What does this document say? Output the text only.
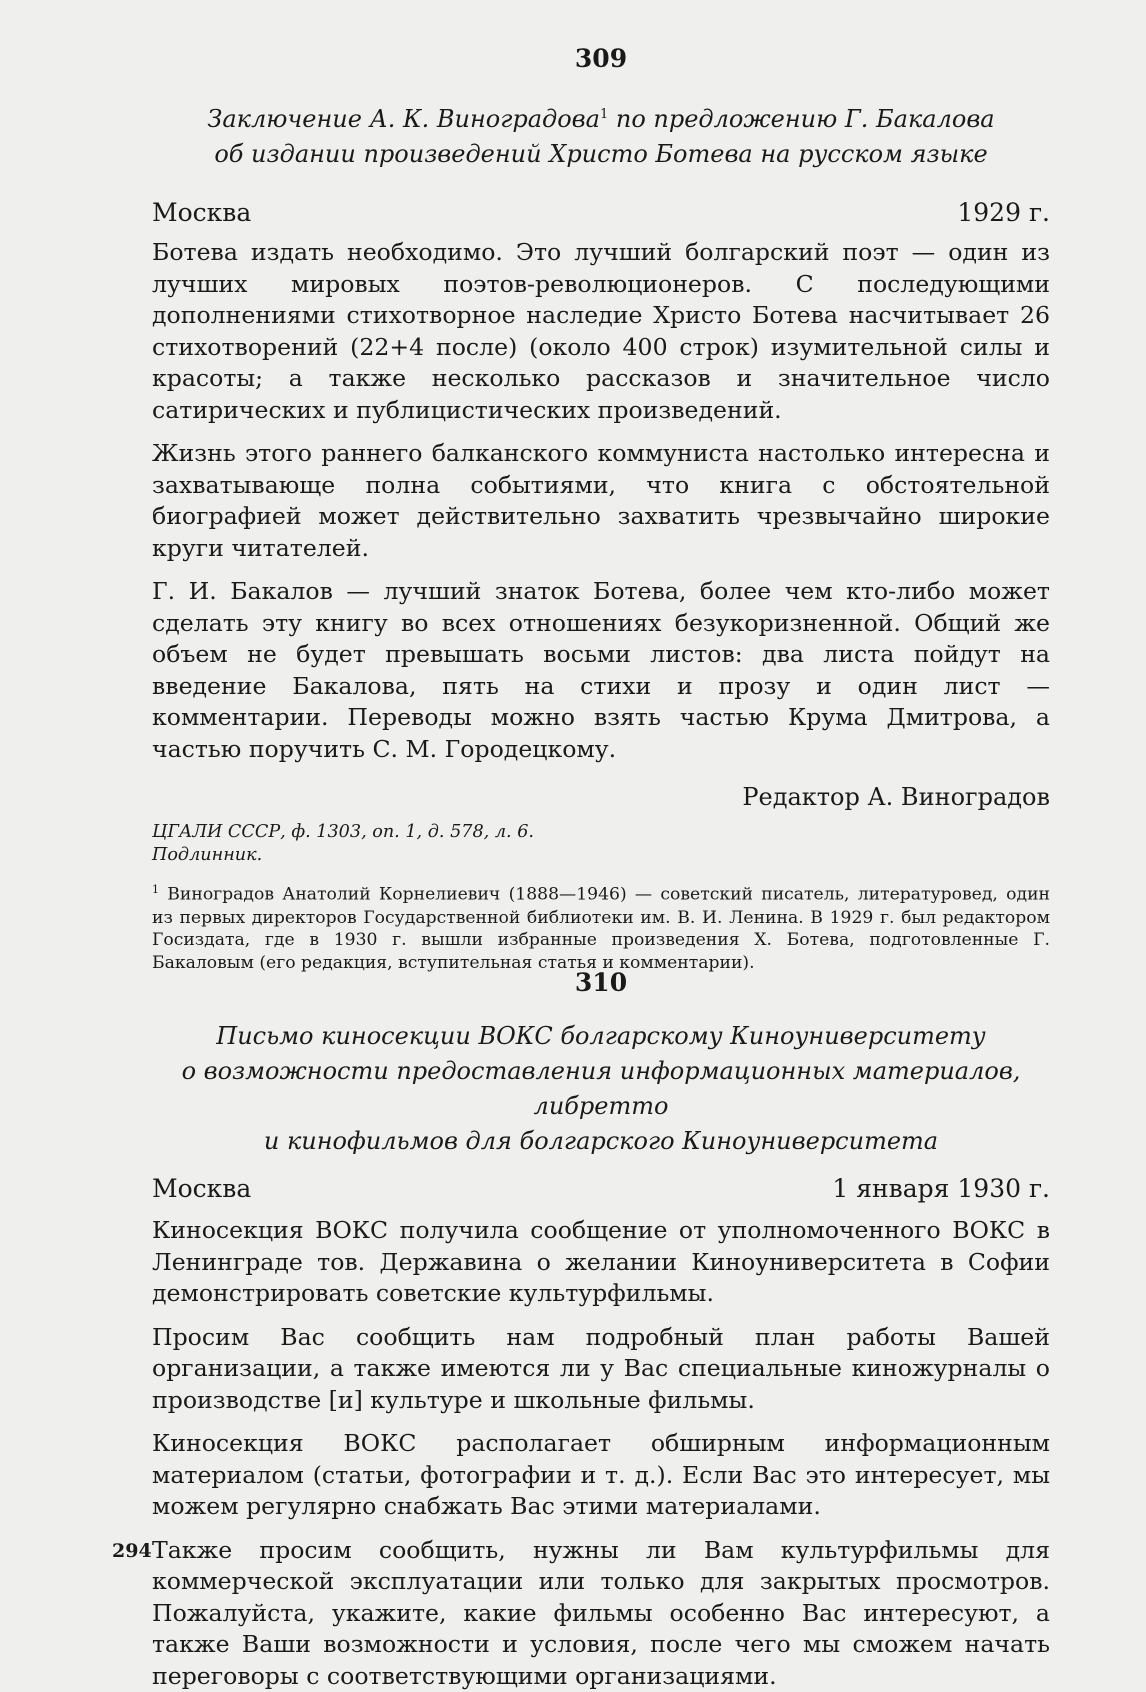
309
Заключение А. К. Виноградова$^1$ по предложению Г. Бакалова
об издании произведений Христо Ботева на русском языке
Москва	1929 г.

Ботева издать необходимо. Это лучший болгарский поэт — один из лучших мировых поэтов-революционеров. С последующими дополнениями стихотворное наследие Христо Ботева насчитывает 26 стихотворений (22+4 после) (около 400 строк) изумительной силы и красоты; а также несколько рассказов и значительное число сатирических и публицистических произведений.

Жизнь этого раннего балканского коммуниста настолько интересна и захватывающе полна событиями, что книга с обстоятельной биографией может действительно захватить чрезвычайно широкие круги читателей.

Г. И. Бакалов — лучший знаток Ботева, более чем кто-либо может сделать эту книгу во всех отношениях безукоризненной. Общий же объем не будет превышать восьми листов: два листа пойдут на введение Бакалова, пять на стихи и прозу и один лист — комментарии. Переводы можно взять частью Крума Дмитрова, а частью поручить С. М. Городецкому.

Редактор А. Виноградов
ЦГАЛИ СССР, ф. 1303, оп. 1, д. 578, л. 6.
Подлинник.
$^1$ Виноградов Анатолий Корнелиевич (1888—1946) — советский писатель, литературовед, один из первых директоров Государственной библиотеки им. В. И. Ленина. В 1929 г. был редактором Госиздата, где в 1930 г. вышли избранные произведения Х. Ботева, подготовленные Г. Бакаловым (его редакция, вступительная статья и комментарии).
310
Письмо киносекции ВОКС болгарскому Киноуниверситету
о возможности предоставления информационных материалов, либретто
и кинофильмов для болгарского Киноуниверситета
Москва	1 января 1930 г.

Киносекция ВОКС получила сообщение от уполномоченного ВОКС в Ленинграде тов. Державина о желании Киноуниверситета в Софии демонстрировать советские культурфильмы.

Просим Вас сообщить нам подробный план работы Вашей организации, а также имеются ли у Вас специальные киножурналы о производстве [и] культуре и школьные фильмы.

Киносекция ВОКС располагает обширным информационным материалом (статьи, фотографии и т. д.). Если Вас это интересует, мы можем регулярно снабжать Вас этими материалами.

Также просим сообщить, нужны ли Вам культурфильмы для коммерческой эксплуатации или только для закрытых просмотров. Пожалуйста, укажите, какие фильмы особенно Вас интересуют, а также Ваши возможности и условия, после чего мы сможем начать переговоры с соответствующими организациями.

294
